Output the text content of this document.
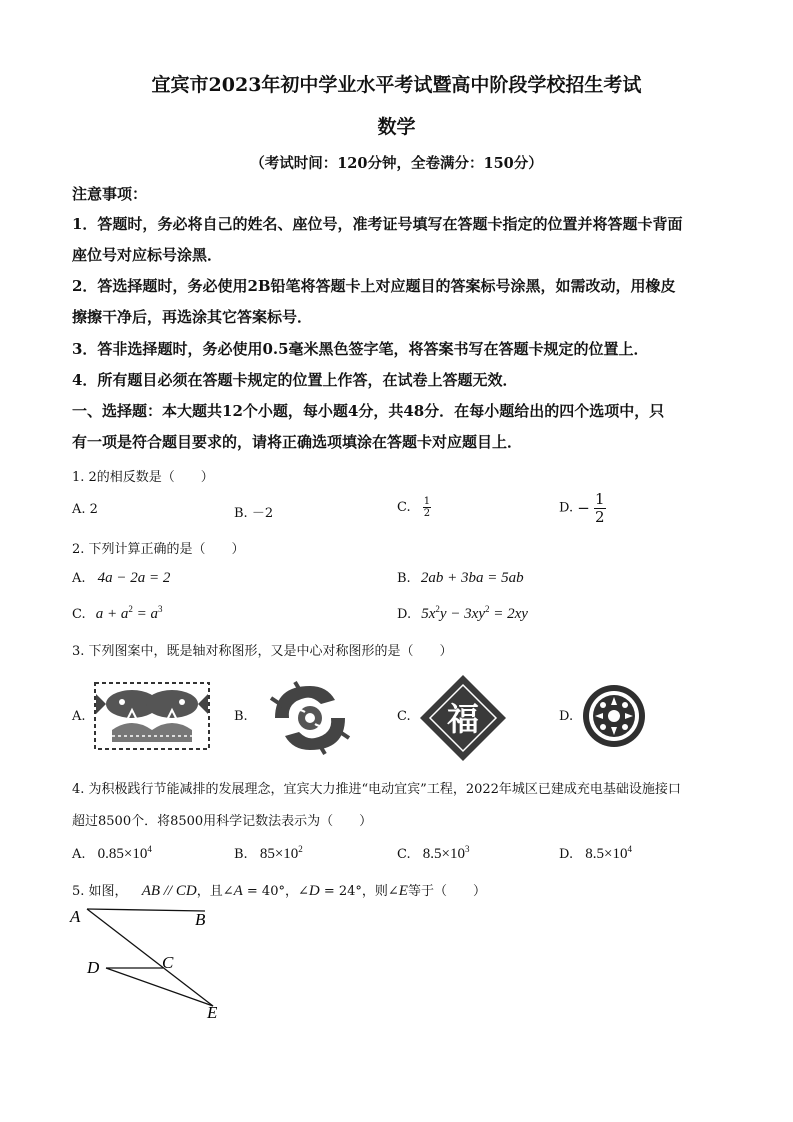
宜宾市2023年初中学业水平考试暨高中阶段学校招生考试
数学
（考试时间：120分钟，全卷满分：150分）
注意事项：
1．答题时，务必将自己的姓名、座位号，准考证号填写在答题卡指定的位置并将答题卡背面
座位号对应标号涂黑．
2．答选择题时，务必使用2B铅笔将答题卡上对应题目的答案标号涂黑，如需改动，用橡皮
擦擦干净后，再选涂其它答案标号．
3．答非选择题时，务必使用0.5毫米黑色签字笔，将答案书写在答题卡规定的位置上．
4．所有题目必须在答题卡规定的位置上作答，在试卷上答题无效．
一、选择题：本大题共12个小题，每小题4分，共48分．在每小题给出的四个选项中，只
有一项是符合题目要求的，请将正确选项填涂在答题卡对应题目上．
1. 2的相反数是（　　）
A. 2	B. －2	C. $\frac{1}{2}$	D. − $\frac{1}{2}$
2. 下列计算正确的是（　　）
A. 4a − 2a = 2	B. 2ab + 3ba = 5ab
C. $a + a^2 = a^3$	D. $5x^2y - 3xy^2 = 2xy$
3. 下列图案中，既是轴对称图形，又是中心对称图形的是（　　）
A.	B.	C. 福	D.
4. 为积极践行节能减排的发展理念，宜宾大力推进“电动宜宾”工程，2022年城区已建成充电基础设施接口
超过8500个．将8500用科学记数法表示为（　　）
A. $0.85\times 10^4$	B. $85\times 10^2$	C. $8.5\times 10^3$	D. $8.5\times 10^4$
5. 如图， AB // CD，且∠A = 40°，∠D = 24°，则∠E等于（　　）
A	B
C
D
E
